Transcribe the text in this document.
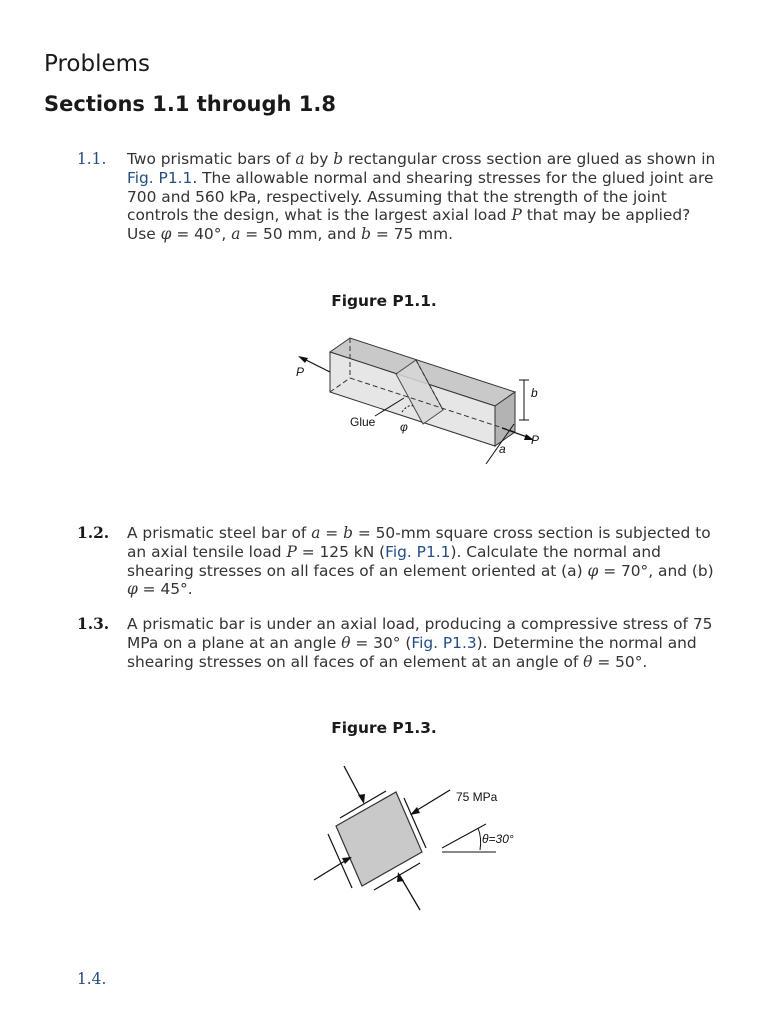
Problems
Sections 1.1 through 1.8
1.1. Two prismatic bars of a by b rectangular cross section are glued as shown in Fig. P1.1. The allowable normal and shearing stresses for the glued joint are 700 and 560 kPa, respectively. Assuming that the strength of the joint controls the design, what is the largest axial load P that may be applied? Use φ = 40°, a = 50 mm, and b = 75 mm.
Figure P1.1.
P
P
b
a
Glue φ
1.2. A prismatic steel bar of a = b = 50-mm square cross section is subjected to an axial tensile load P = 125 kN (Fig. P1.1). Calculate the normal and shearing stresses on all faces of an element oriented at (a) φ = 70°, and (b) φ = 45°.
1.3. A prismatic bar is under an axial load, producing a compressive stress of 75 MPa on a plane at an angle θ = 30° (Fig. P1.3). Determine the normal and shearing stresses on all faces of an element at an angle of θ = 50°.
Figure P1.3.
75 MPa
θ=30°
1.4.
